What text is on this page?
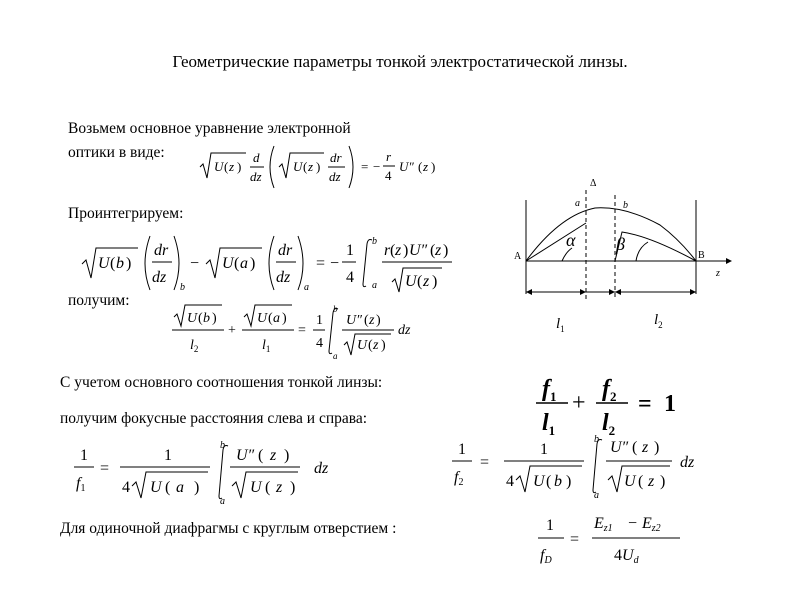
Геометрические параметры тонкой электростатической линзы.
Возьмем основное уравнение электронной
оптики в виде:
Проинтегрируем:
получим:
С учетом основного соотношения тонкой линзы:
получим фокусные расстояния слева и справа:
Для одиночной диафрагмы с круглым отверстием :
U ( z )
d
dz
U ( z )
dr
dz
= −
r
4
U″ ( z )
U ( b )
dr
dz
b
− U ( a )
dr
dz
a
= −
1
4
b
a
r ( z ) U″ ( z )
U ( z )
U ( b )
$l_2$
+
U ( a )
$l_1$
=
1
4
b
a
U″ ( z )
U ( z )
dz
$f_1$
$l_1$
+
$f_2$
$l_2$
= 1
1
f1
=
1
4 U ( a )
b
a
U″ ( z )
U ( z )
dz
1
f2
=
1
4 U ( b )
b
a
U″ ( z )
U ( z )
dz
1
fD
=
Ez1 − Ez2
4Ud
A	B
a	b
Δ
z
α β
$l_1$
$l_2$
